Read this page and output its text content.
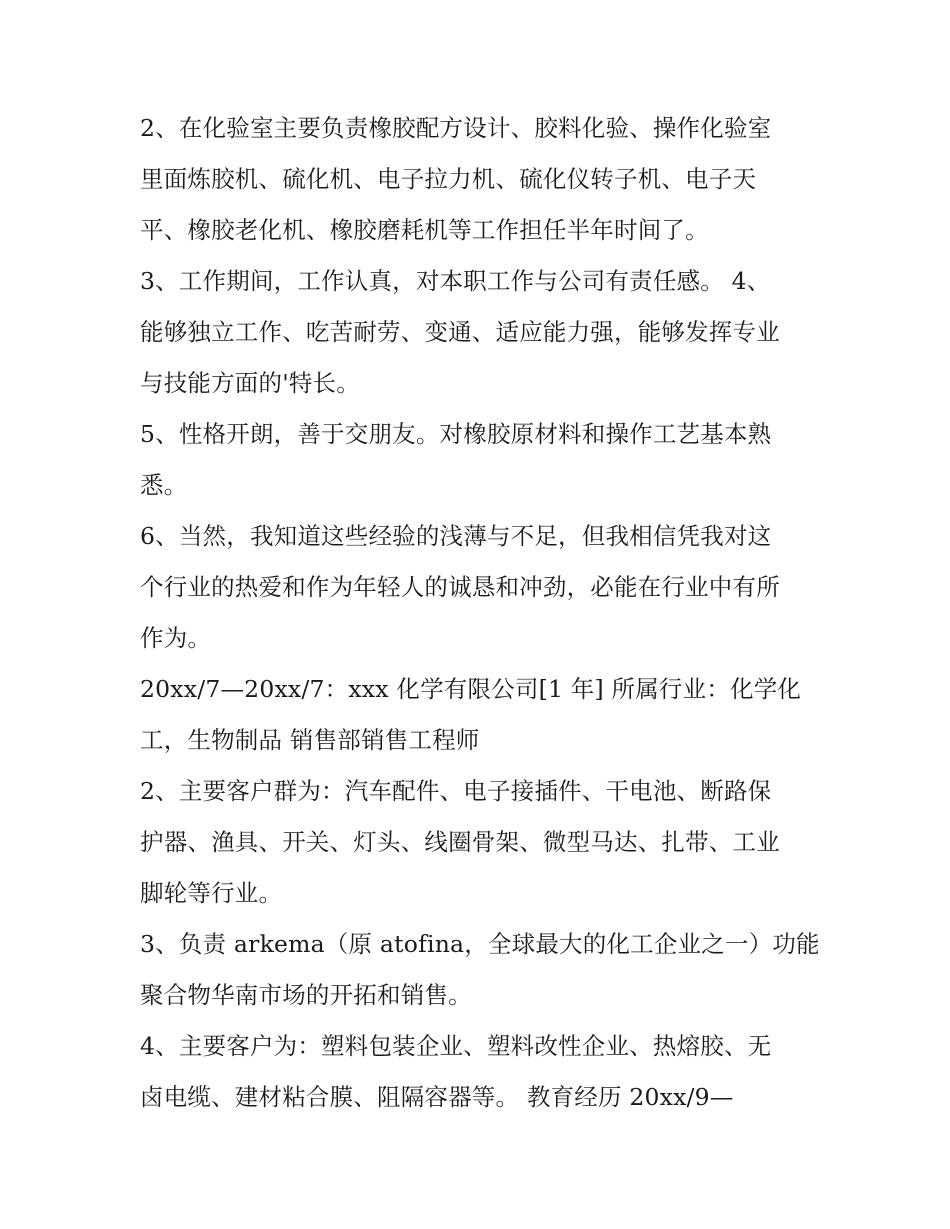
2、在化验室主要负责橡胶配方设计、胶料化验、操作化验室
里面炼胶机、硫化机、电子拉力机、硫化仪转子机、电子天
平、橡胶老化机、橡胶磨耗机等工作担任半年时间了。
3、工作期间，工作认真，对本职工作与公司有责任感。 4、
能够独立工作、吃苦耐劳、变通、适应能力强，能够发挥专业
与技能方面的'特长。
5、性格开朗，善于交朋友。对橡胶原材料和操作工艺基本熟
悉。
6、当然，我知道这些经验的浅薄与不足，但我相信凭我对这
个行业的热爱和作为年轻人的诚恳和冲劲，必能在行业中有所
作为。
20xx/7—20xx/7：xxx 化学有限公司[1 年] 所属行业：化学化
工，生物制品 销售部销售工程师
2、主要客户群为：汽车配件、电子接插件、干电池、断路保
护器、渔具、开关、灯头、线圈骨架、微型马达、扎带、工业
脚轮等行业。
3、负责 arkema（原 atofina，全球最大的化工企业之一）功能
聚合物华南市场的开拓和销售。
4、主要客户为：塑料包装企业、塑料改性企业、热熔胶、无
卤电缆、建材粘合膜、阻隔容器等。 教育经历 20xx/9—
